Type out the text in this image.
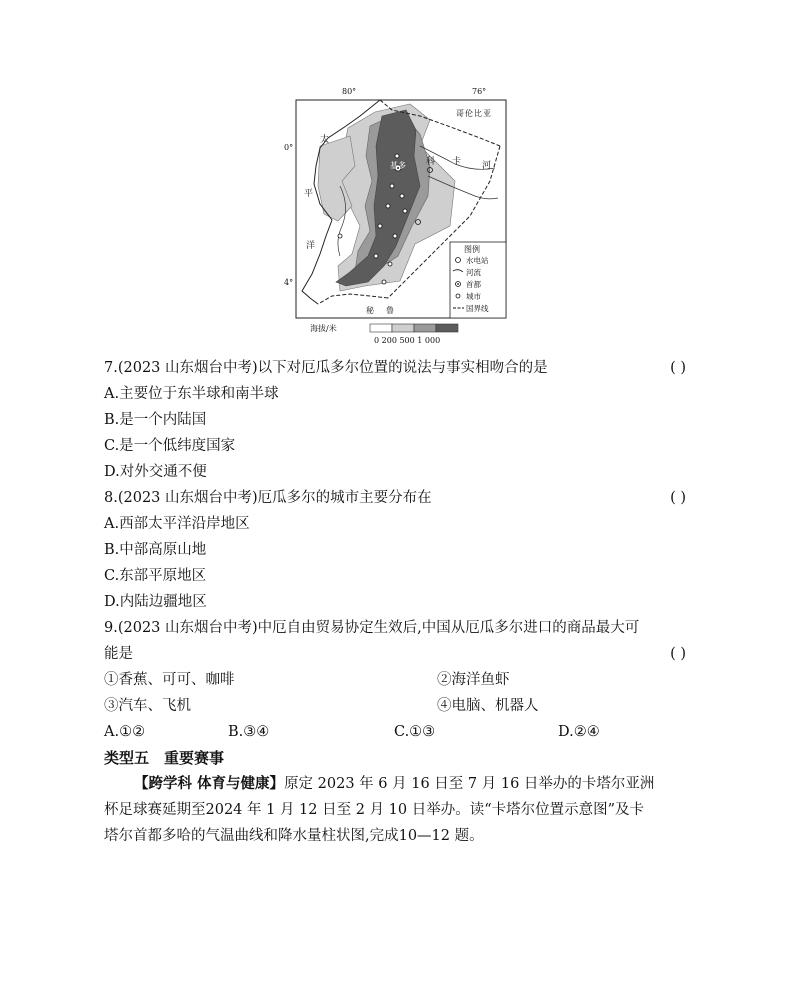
80°	76°
0°
4°
哥伦比亚
秘鲁
太
平
洋
科 卡 河
基多
图例
水电站
河流
首都
城市
国界线
海拔/米
0 200 500 1 000
7.(2023 山东烟台中考)以下对厄瓜多尔位置的说法与事实相吻合的是	( )
A.主要位于东半球和南半球
B.是一个内陆国
C.是一个低纬度国家
D.对外交通不便
8.(2023 山东烟台中考)厄瓜多尔的城市主要分布在	( )
A.西部太平洋沿岸地区
B.中部高原山地
C.东部平原地区
D.内陆边疆地区
9.(2023 山东烟台中考)中厄自由贸易协定生效后,中国从厄瓜多尔进口的商品最大可
能是	( )
①香蕉、可可、咖啡	②海洋鱼虾
③汽车、飞机	④电脑、机器人
A.①②	B.③④	C.①③	D.②④
类型五　重要赛事
【跨学科 体育与健康】原定 2023 年 6 月 16 日至 7 月 16 日举办的卡塔尔亚洲
杯足球赛延期至2024 年 1 月 12 日至 2 月 10 日举办。读“卡塔尔位置示意图”及卡
塔尔首都多哈的气温曲线和降水量柱状图,完成10—12 题。
